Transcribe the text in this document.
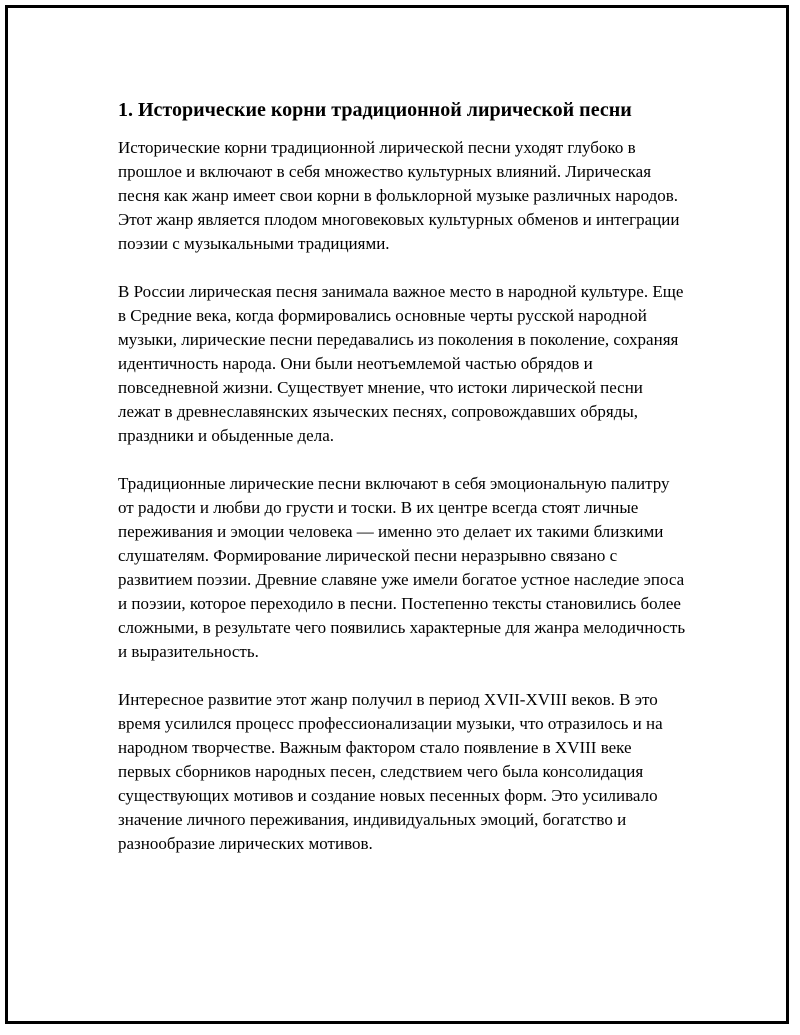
1. Исторические корни традиционной лирической песни

Исторические корни традиционной лирической песни уходят глубоко в прошлое и включают в себя множество культурных влияний. Лирическая песня как жанр имеет свои корни в фольклорной музыке различных народов. Этот жанр является плодом многовековых культурных обменов и интеграции поэзии с музыкальными традициями.

В России лирическая песня занимала важное место в народной культуре. Еще в Средние века, когда формировались основные черты русской народной музыки, лирические песни передавались из поколения в поколение, сохраняя идентичность народа. Они были неотъемлемой частью обрядов и повседневной жизни. Существует мнение, что истоки лирической песни лежат в древнеславянских языческих песнях, сопровождавших обряды, праздники и обыденные дела.

Традиционные лирические песни включают в себя эмоциональную палитру от радости и любви до грусти и тоски. В их центре всегда стоят личные переживания и эмоции человека — именно это делает их такими близкими слушателям. Формирование лирической песни неразрывно связано с развитием поэзии. Древние славяне уже имели богатое устное наследие эпоса и поэзии, которое переходило в песни. Постепенно тексты становились более сложными, в результате чего появились характерные для жанра мелодичность и выразительность.

Интересное развитие этот жанр получил в период XVII-XVIII веков. В это время усилился процесс профессионализации музыки, что отразилось и на народном творчестве. Важным фактором стало появление в XVIII веке первых сборников народных песен, следствием чего была консолидация существующих мотивов и создание новых песенных форм. Это усиливало значение личного переживания, индивидуальных эмоций, богатство и разнообразие лирических мотивов.
